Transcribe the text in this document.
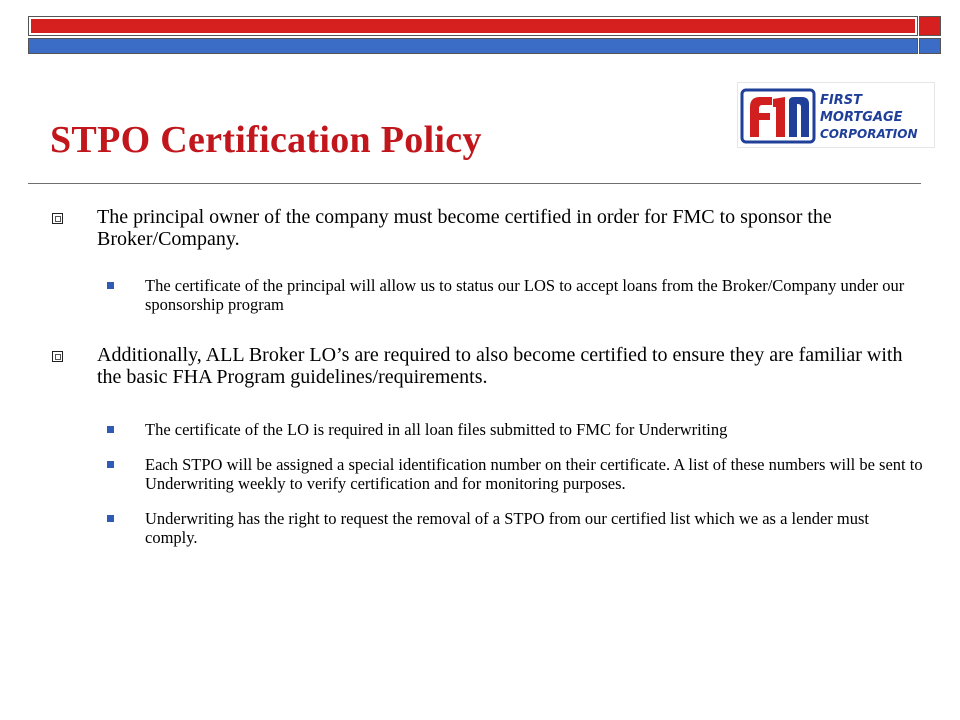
FIRST
MORTGAGE
CORPORATION
STPO Certification Policy

The principal owner of the company must become certified in order for FMC to sponsor the Broker/Company.

The certificate of the principal will allow us to status our LOS to accept loans from the Broker/Company under our sponsorship program

Additionally, ALL Broker LO’s are required to also become certified to ensure they are familiar with the basic FHA Program guidelines/requirements.

The certificate of the LO is required in all loan files submitted to FMC for Underwriting

Each STPO will be assigned a special identification number on their certificate. A list of these numbers will be sent to Underwriting weekly to verify certification and for monitoring purposes.

Underwriting has the right to request the removal of a STPO from our certified list which we as a lender must comply.
